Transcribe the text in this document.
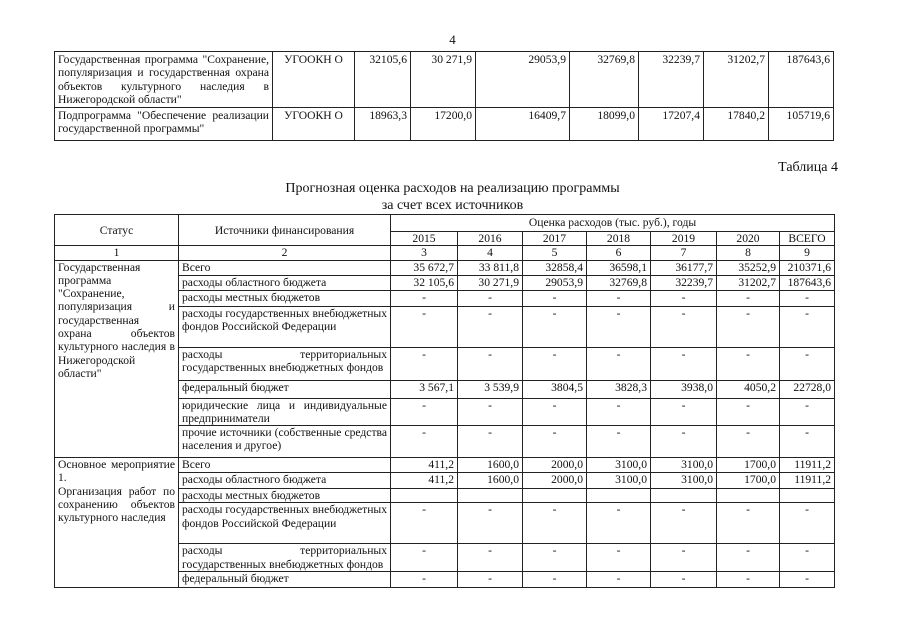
4
Государственная программа "Сохранение, популяризация и государственная охрана объектов культурного наследия в Нижегородской области"	УГООКН О	32105,6	30 271,9	29053,9	32769,8	32239,7	31202,7	187643,6
Подпрограмма "Обеспечение реализации государственной программы"	УГООКН О	18963,3	17200,0	16409,7	18099,0	17207,4	17840,2	105719,6
Таблица 4
Прогнозная оценка расходов на реализацию программы
за счет всех источников
Статус	Источники финансирования	Оценка расходов (тыс. руб.), годы						
		2015	2016	2017	2018	2019	2020	ВСЕГО
1	2	3	4	5	6	7	8	9
Государственная программа "Сохранение, популяризация и государственная охрана объектов культурного наследия в Нижегородской области"	Всего	35 672,7	33 811,8	32858,4	36598,1	36177,7	35252,9	210371,6
	расходы областного бюджета	32 105,6	30 271,9	29053,9	32769,8	32239,7	31202,7	187643,6
	расходы местных бюджетов	-	-	-	-	-	-	-
	расходы государственных внебюджетных фондов Российской Федерации	-	-	-	-	-	-	-
	расходы территориальных государственных внебюджетных фондов	-	-	-	-	-	-	-
	федеральный бюджет	3 567,1	3 539,9	3804,5	3828,3	3938,0	4050,2	22728,0
	юридические лица и индивидуальные предприниматели	-	-	-	-	-	-	-
	прочие источники (собственные средства населения и другое)	-	-	-	-	-	-	-

Основное мероприятие 1.
Организация работ по сохранению объектов культурного наследия	Всего	411,2	1600,0	2000,0	3100,0	3100,0	1700,0	11911,2
	расходы областного бюджета	411,2	1600,0	2000,0	3100,0	3100,0	1700,0	11911,2
	расходы местных бюджетов							
	расходы государственных внебюджетных фондов Российской Федерации	-	-	-	-	-	-	-
	расходы территориальных государственных внебюджетных фондов	-	-	-	-	-	-	-
	федеральный бюджет	-	-	-	-	-	-	-
